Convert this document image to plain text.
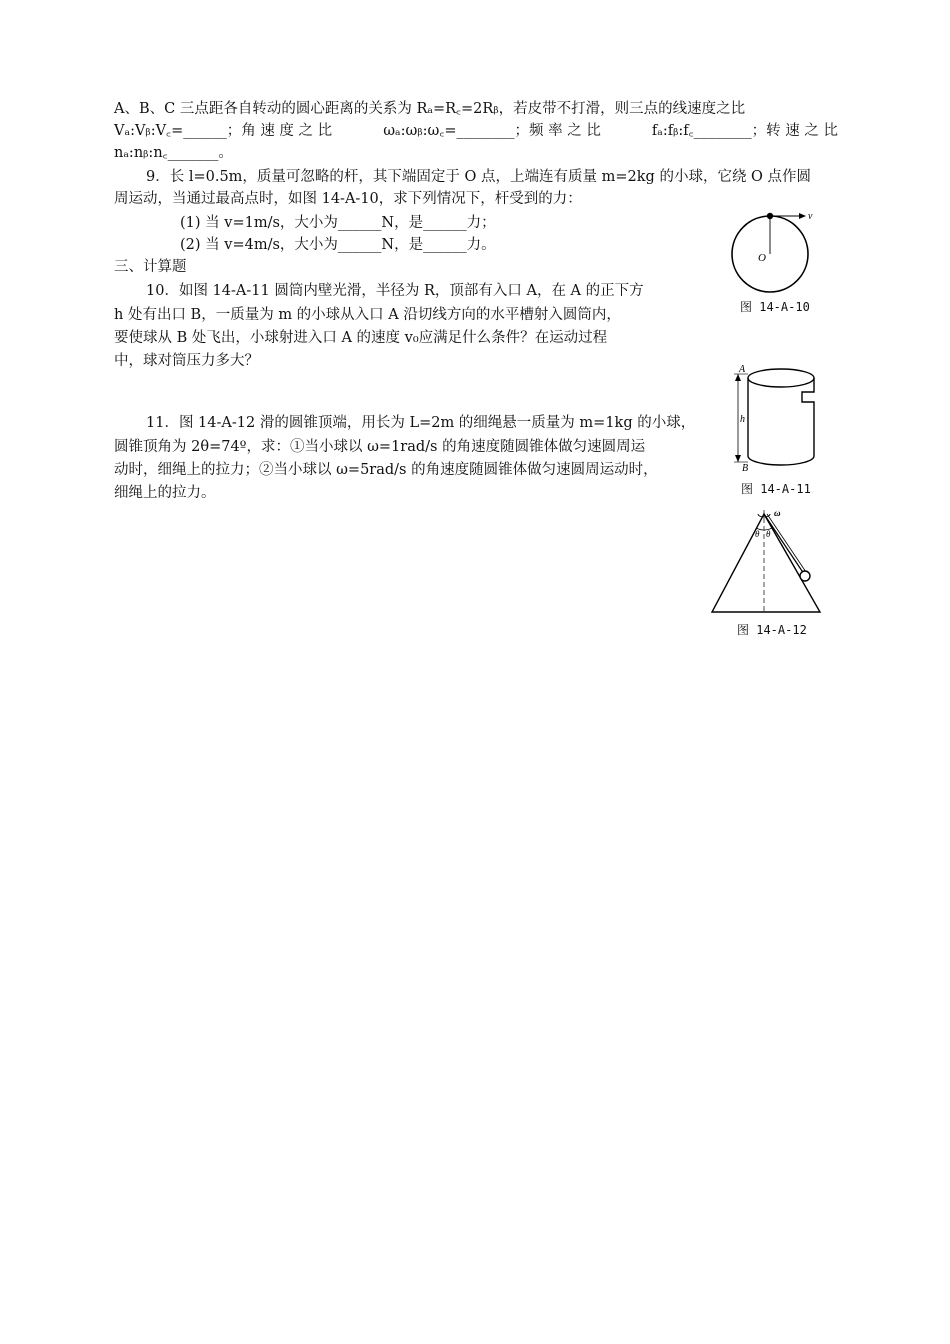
A、B、C 三点距各自转动的圆心距离的关系为 Rₐ=R꜀=2Rᵦ，若皮带不打滑，则三点的线速度之比
Vₐ:Vᵦ:V꜀=______；角 速 度 之 比	ωₐ:ωᵦ:ω꜀=________；频 率 之 比	fₐ:fᵦ:f꜀________；转 速 之 比
nₐ:nᵦ:n꜀_______。
9．长 l=0.5m，质量可忽略的杆，其下端固定于 O 点，上端连有质量 m=2kg 的小球，它绕 O 点作圆
周运动，当通过最高点时，如图 14-A-10，求下列情况下，杆受到的力：
(1) 当 v=1m/s，大小为______N，是______力；
(2) 当 v=4m/s，大小为______N，是______力。
三、计算题
10．如图 14-A-11 圆筒内壁光滑，半径为 R，顶部有入口 A，在 A 的正下方
h 处有出口 B，一质量为 m 的小球从入口 A 沿切线方向的水平槽射入圆筒内，
要使球从 B 处飞出，小球射进入口 A 的速度 v₀应满足什么条件？在运动过程
中，球对筒压力多大？
11．图 14-A-12 滑的圆锥顶端，用长为 L=2m 的细绳悬一质量为 m=1kg 的小球，
圆锥顶角为 2θ=74º，求：①当小球以 ω=1rad/s 的角速度随圆锥体做匀速圆周运
动时，细绳上的拉力；②当小球以 ω=5rad/s 的角速度随圆锥体做匀速圆周运动时，
细绳上的拉力。
v
O
图 14-A-10
A
B
h
图 14-A-11
ω
θ θ
图 14-A-12
